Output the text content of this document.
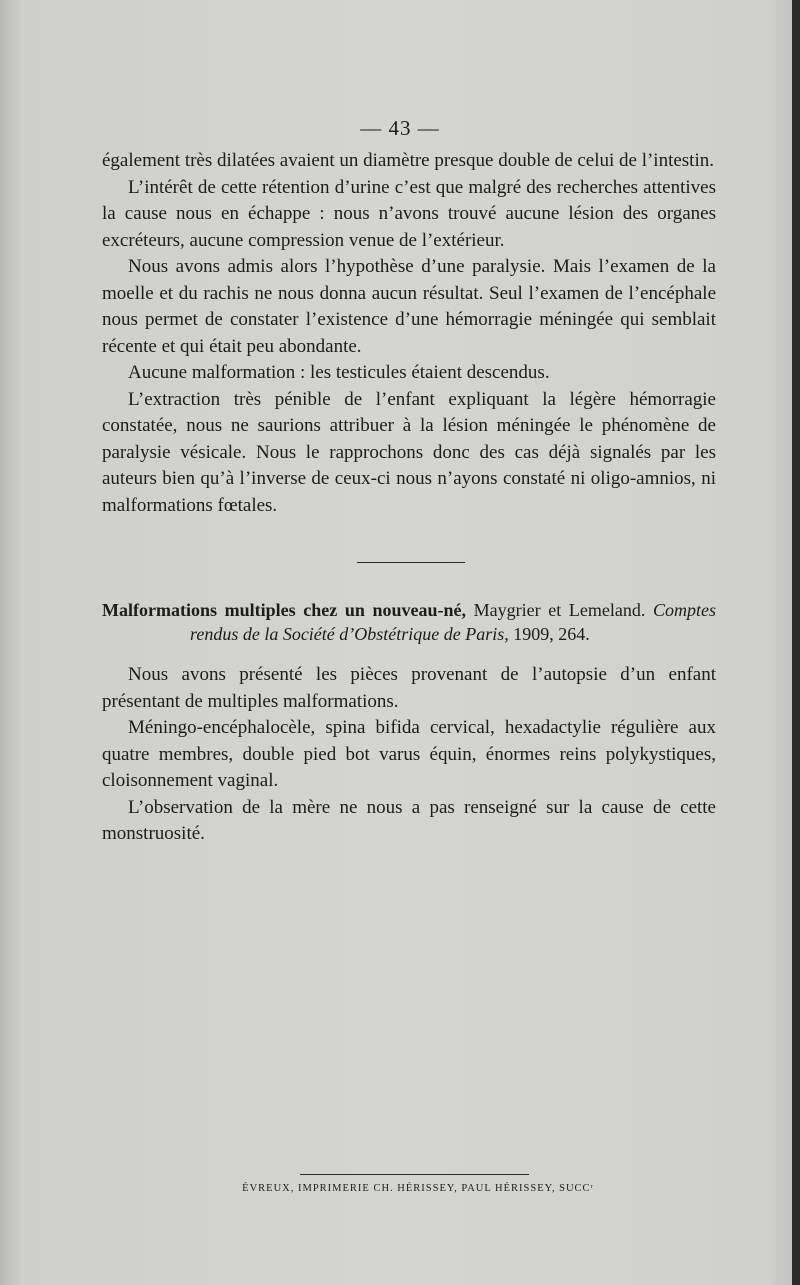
— 43 —

également très dilatées avaient un diamètre presque double de celui de l’intestin.

L’intérêt de cette rétention d’urine c’est que malgré des recherches attentives la cause nous en échappe : nous n’avons trouvé aucune lésion des organes excréteurs, aucune compression venue de l’extérieur.

Nous avons admis alors l’hypothèse d’une paralysie. Mais l’examen de la moelle et du rachis ne nous donna aucun résultat. Seul l’examen de l’encéphale nous permet de constater l’existence d’une hémorragie méningée qui semblait récente et qui était peu abondante.

Aucune malformation : les testicules étaient descendus.

L’extraction très pénible de l’enfant expliquant la légère hémorragie constatée, nous ne saurions attribuer à la lésion méningée le phénomène de paralysie vésicale. Nous le rapprochons donc des cas déjà signalés par les auteurs bien qu’à l’inverse de ceux-ci nous n’ayons constaté ni oligo-amnios, ni malformations fœtales.

Malformations multiples chez un nouveau-né, Maygrier et Lemeland. Comptes
rendus de la Société d’Obstétrique de Paris, 1909, 264.

Nous avons présenté les pièces provenant de l’autopsie d’un enfant présentant de multiples malformations.

Méningo-encéphalocèle, spina bifida cervical, hexadactylie régulière aux quatre membres, double pied bot varus équin, énormes reins polykystiques, cloisonnement vaginal.

L’observation de la mère ne nous a pas renseigné sur la cause de cette monstruosité.

ÉVREUX, IMPRIMERIE CH. HÉRISSEY, PAUL HÉRISSEY, SUCCʳ
